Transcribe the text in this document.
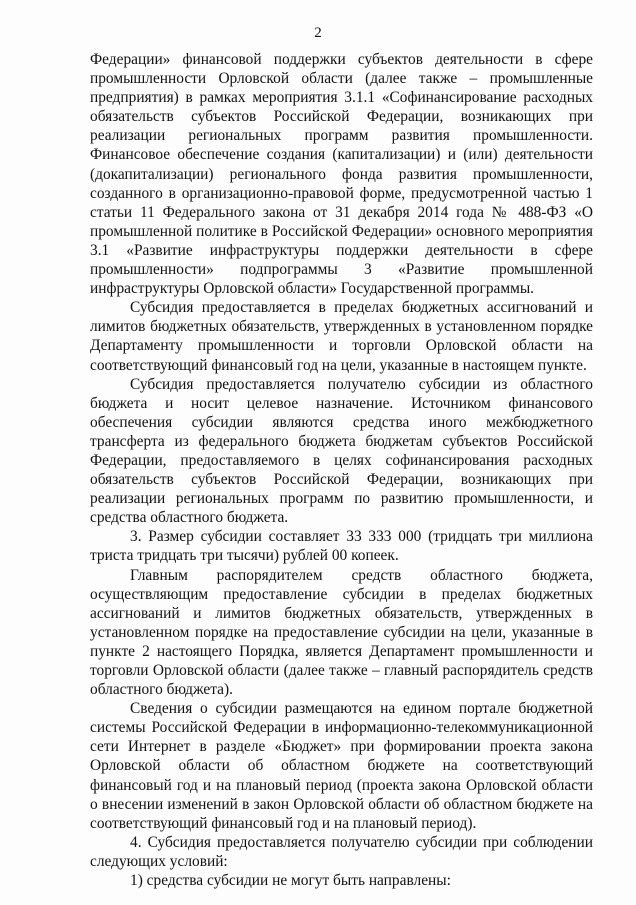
2

Федерации» финансовой поддержки субъектов деятельности в сфере промышленности Орловской области (далее также – промышленные предприятия) в рамках мероприятия 3.1.1 «Софинансирование расходных обязательств субъектов Российской Федерации, возникающих при реализации региональных программ развития промышленности. Финансовое обеспечение создания (капитализации) и (или) деятельности (докапитализации) регионального фонда развития промышленности, созданного в организационно-правовой форме, предусмотренной частью 1 статьи 11 Федерального закона от 31 декабря 2014 года № 488-ФЗ «О промышленной политике в Российской Федерации» основного мероприятия 3.1 «Развитие инфраструктуры поддержки деятельности в сфере промышленности» подпрограммы 3 «Развитие промышленной инфраструктуры Орловской области» Государственной программы.

Субсидия предоставляется в пределах бюджетных ассигнований и лимитов бюджетных обязательств, утвержденных в установленном порядке Департаменту промышленности и торговли Орловской области на соответствующий финансовый год на цели, указанные в настоящем пункте.

Субсидия предоставляется получателю субсидии из областного бюджета и носит целевое назначение. Источником финансового обеспечения субсидии являются средства иного межбюджетного трансферта из федерального бюджета бюджетам субъектов Российской Федерации, предоставляемого в целях софинансирования расходных обязательств субъектов Российской Федерации, возникающих при реализации региональных программ по развитию промышленности, и средства областного бюджета.

3. Размер субсидии составляет 33 333 000 (тридцать три миллиона триста тридцать три тысячи) рублей 00 копеек.

Главным распорядителем средств областного бюджета, осуществляющим предоставление субсидии в пределах бюджетных ассигнований и лимитов бюджетных обязательств, утвержденных в установленном порядке на предоставление субсидии на цели, указанные в пункте 2 настоящего Порядка, является Департамент промышленности и торговли Орловской области (далее также – главный распорядитель средств областного бюджета).

Сведения о субсидии размещаются на едином портале бюджетной системы Российской Федерации в информационно-телекоммуникационной сети Интернет в разделе «Бюджет» при формировании проекта закона Орловской области об областном бюджете на соответствующий финансовый год и на плановый период (проекта закона Орловской области о внесении изменений в закон Орловской области об областном бюджете на соответствующий финансовый год и на плановый период).

4. Субсидия предоставляется получателю субсидии при соблюдении следующих условий:

1) средства субсидии не могут быть направлены:
